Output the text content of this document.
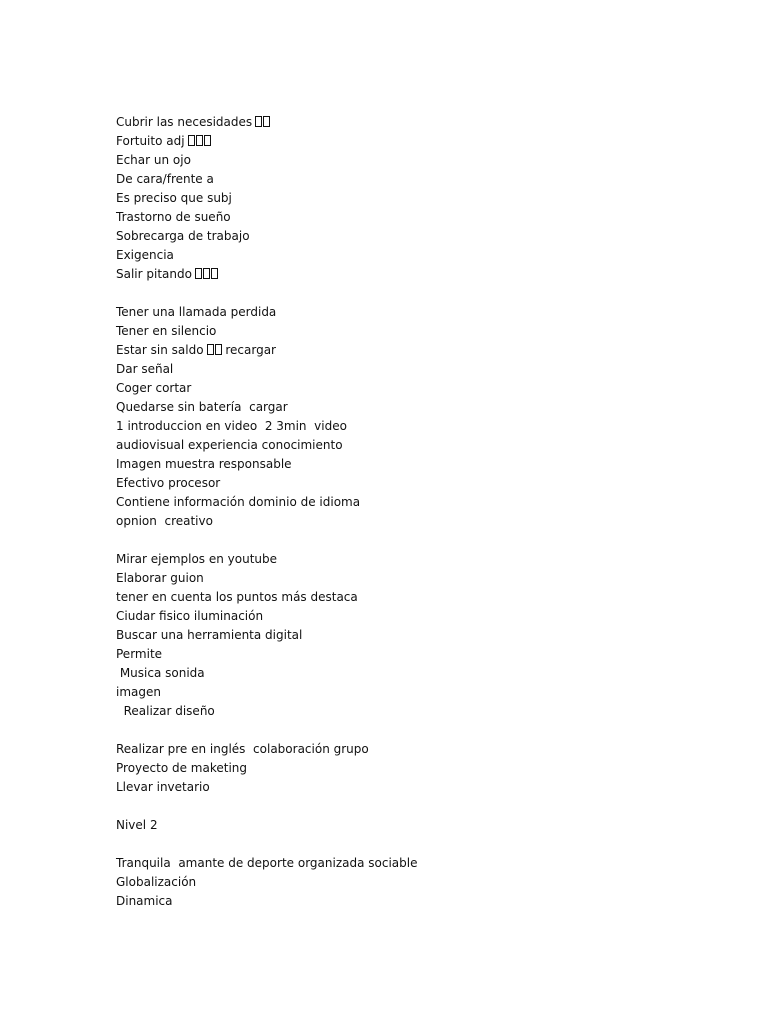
Cubrir las necesidades
Fortuito adj
Echar un ojo
De cara/frente a
Es preciso que subj
Trastorno de sueño
Sobrecarga de trabajo
Exigencia
Salir pitando
Tener una llamada perdida
Tener en silencio
Estar sin saldo recargar
Dar señal
Coger cortar
Quedarse sin batería  cargar
1 introduccion en video  2 3min  video
audiovisual experiencia conocimiento
Imagen muestra responsable
Efectivo procesor
Contiene información dominio de idioma
opnion  creativo
Mirar ejemplos en youtube
Elaborar guion
tener en cuenta los puntos más destaca
Ciudar fisico iluminación
Buscar una herramienta digital
Permite
Musica sonida
imagen
Realizar diseño
Realizar pre en inglés  colaboración grupo
Proyecto de maketing
Llevar invetario
Nivel 2
Tranquila  amante de deporte organizada sociable
Globalización
Dinamica
